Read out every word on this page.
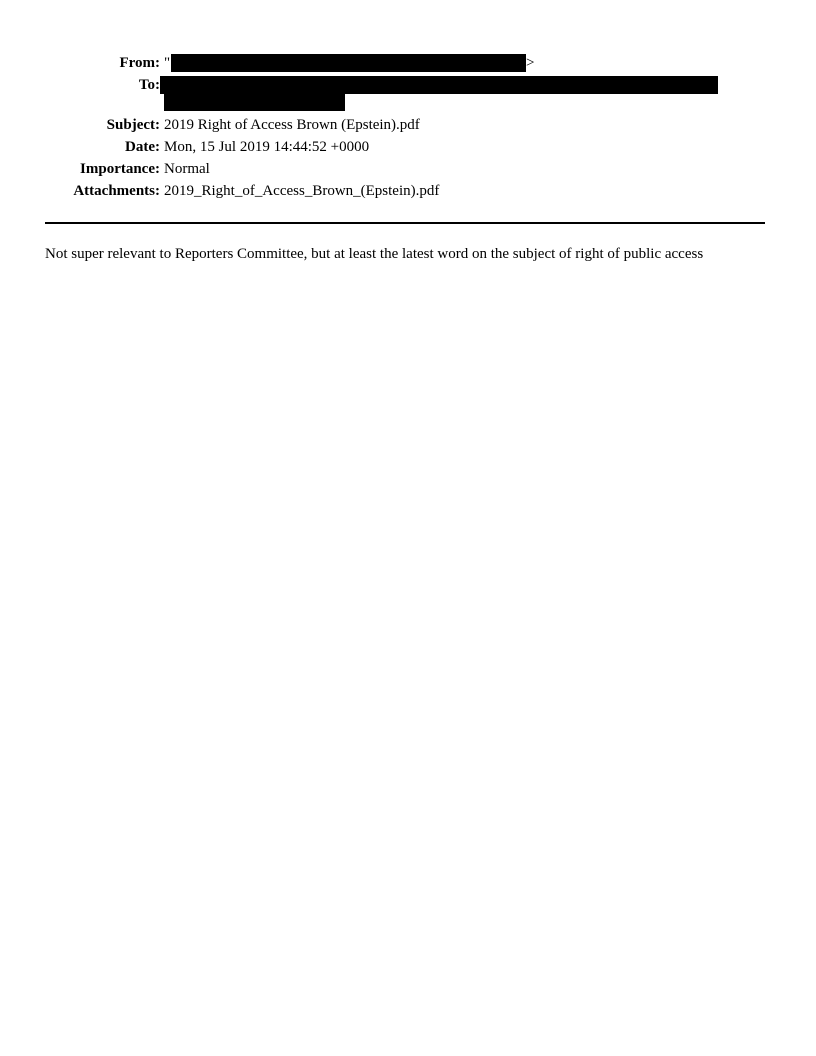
From: "	>
To:
Subject: 2019 Right of Access Brown (Epstein).pdf
Date: Mon, 15 Jul 2019 14:44:52 +0000
Importance: Normal
Attachments: 2019_Right_of_Access_Brown_(Epstein).pdf
Not super relevant to Reporters Committee, but at least the latest word on the subject of right of public access
